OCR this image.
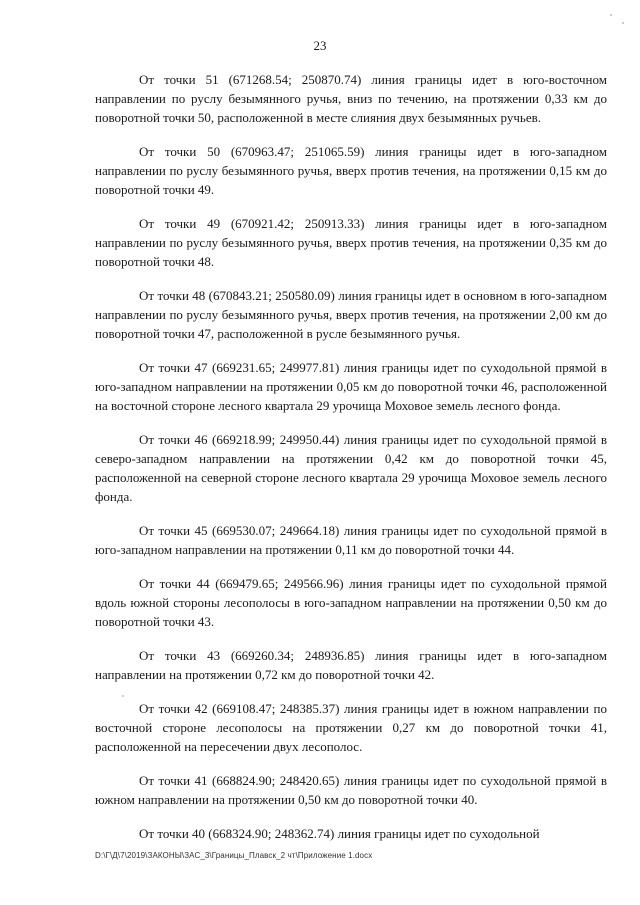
23

От точки 51 (671268.54; 250870.74) линия границы идет в юго-восточном направлении по руслу безымянного ручья, вниз по течению, на протяжении 0,33 км до поворотной точки 50, расположенной в месте слияния двух безымянных ручьев.

От точки 50 (670963.47; 251065.59) линия границы идет в юго-западном направлении по руслу безымянного ручья, вверх против течения, на протяжении 0,15 км до поворотной точки 49.

От точки 49 (670921.42; 250913.33) линия границы идет в юго-западном направлении по руслу безымянного ручья, вверх против течения, на протяжении 0,35 км до поворотной точки 48.

От точки 48 (670843.21; 250580.09) линия границы идет в основном в юго-западном направлении по руслу безымянного ручья, вверх против течения, на протяжении 2,00 км до поворотной точки 47, расположенной в русле безымянного ручья.

От точки 47 (669231.65; 249977.81) линия границы идет по суходольной прямой в юго-западном направлении на протяжении 0,05 км до поворотной точки 46, расположенной на восточной стороне лесного квартала 29 урочища Моховое земель лесного фонда.

От точки 46 (669218.99; 249950.44) линия границы идет по суходольной прямой в северо-западном направлении на протяжении 0,42 км до поворотной точки 45, расположенной на северной стороне лесного квартала 29 урочища Моховое земель лесного фонда.

От точки 45 (669530.07; 249664.18) линия границы идет по суходольной прямой в юго-западном направлении на протяжении 0,11 км до поворотной точки 44.

От точки 44 (669479.65; 249566.96) линия границы идет по суходольной прямой вдоль южной стороны лесополосы в юго-западном направлении на протяжении 0,50 км до поворотной точки 43.

От точки 43 (669260.34; 248936.85) линия границы идет в юго-западном направлении на протяжении 0,72 км до поворотной точки 42.

От точки 42 (669108.47; 248385.37) линия границы идет в южном направлении по восточной стороне лесополосы на протяжении 0,27 км до поворотной точки 41, расположенной на пересечении двух лесополос.

От точки 41 (668824.90; 248420.65) линия границы идет по суходольной прямой в южном направлении на протяжении 0,50 км до поворотной точки 40.

От точки 40 (668324.90; 248362.74) линия границы идет по суходольной

D:\Г\Д\7\2019\ЗАКОНЫ\ЗАС_3\Границы_Плавск_2 чт\Приложение 1.docx
